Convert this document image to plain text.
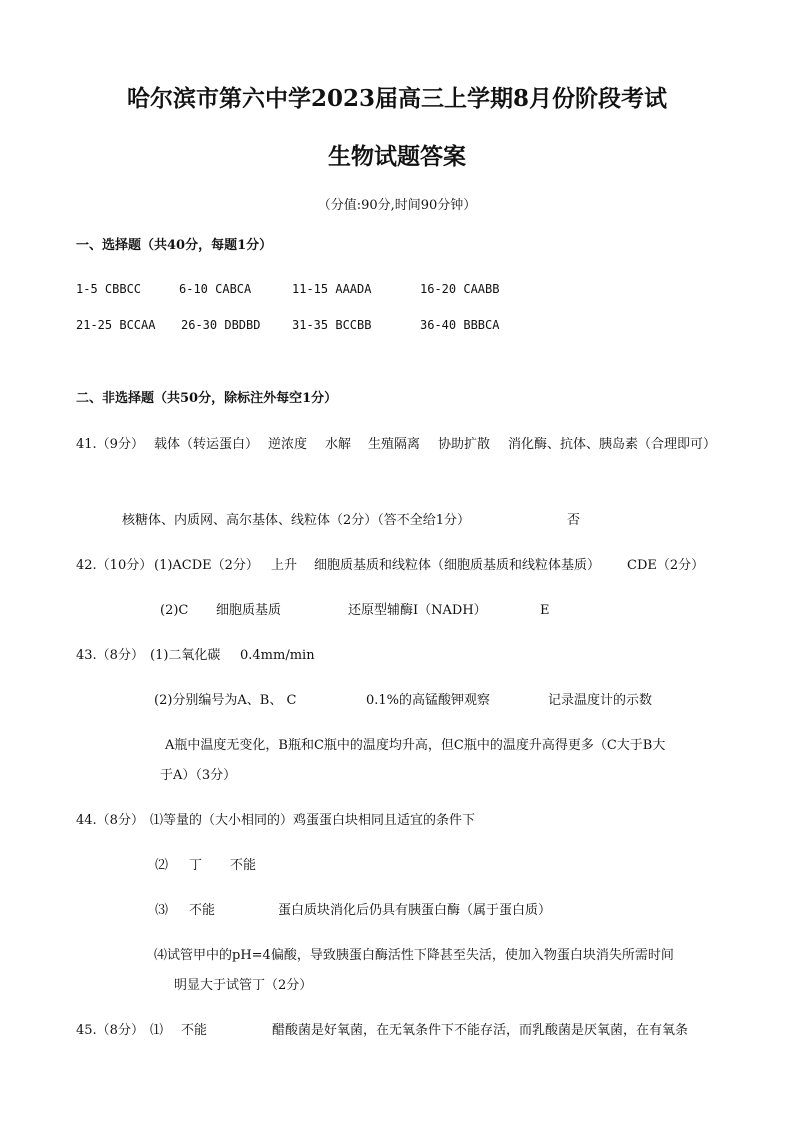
哈尔滨市第六中学2023届高三上学期8月份阶段考试
生物试题答案
（分值:90分,时间90分钟）
一、选择题（共40分，每题1分）
1-5 CBBCC	6-10 CABCA	11-15 AAADA	16-20 CAABB
21-25 BCCAA 26-30 DBDBD	31-35 BCCBB	36-40 BBBCA
二、非选择题（共50分，除标注外每空1分）
41.（9分） 载体（转运蛋白） 逆浓度 水解 生殖隔离 协助扩散 消化酶、抗体、胰岛素（合理即可）
核糖体、内质网、高尔基体、线粒体（2分）（答不全给1分）	否
42.（10分） (1)ACDE（2分） 上升 细胞质基质和线粒体（细胞质基质和线粒体基质） CDE（2分）
(2)C 细胞质基质	还原型辅酶Ⅰ（NADH）	E
43.（8分） (1)二氧化碳 0.4mm/min
(2)分别编号为A、B、 C	0.1%的高锰酸钾观察	记录温度计的示数
A瓶中温度无变化，B瓶和C瓶中的温度均升高，但C瓶中的温度升高得更多（C大于B大
于A）（3分）
44.（8分） ⑴等量的（大小相同的）鸡蛋蛋白块相同且适宜的条件下
⑵ 丁 不能
⑶ 不能	蛋白质块消化后仍具有胰蛋白酶（属于蛋白质）
⑷试管甲中的pH=4偏酸，导致胰蛋白酶活性下降甚至失活，使加入物蛋白块消失所需时间
明显大于试管丁（2分）
45.（8分） ⑴ 不能	醋酸菌是好氧菌，在无氧条件下不能存活，而乳酸菌是厌氧菌，在有氧条
